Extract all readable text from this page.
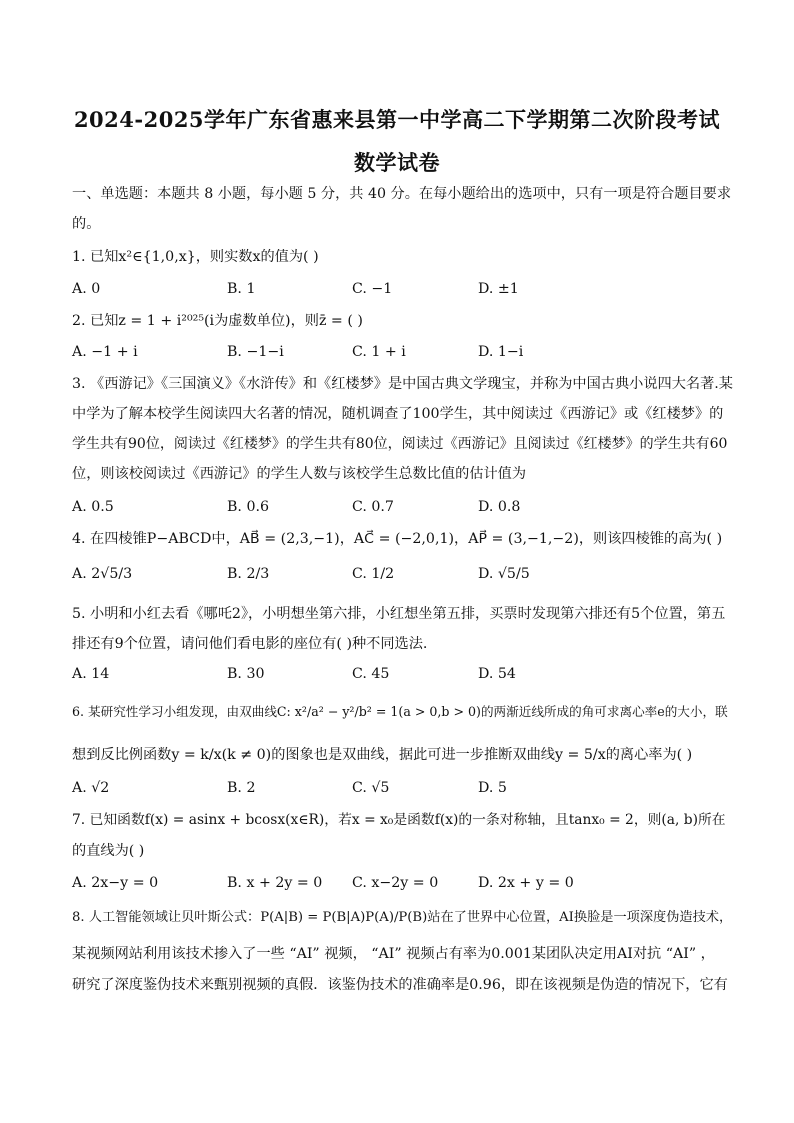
2024-2025学年广东省惠来县第一中学高二下学期第二次阶段考试
数学试卷
一、单选题：本题共 8 小题，每小题 5 分，共 40 分。在每小题给出的选项中，只有一项是符合题目要求
的。
1. 已知x²∈{1,0,x}，则实数x的值为( )
A. 0	B. 1	C. −1	D. ±1
2. 已知z = 1 + i²⁰²⁵(i为虚数单位)，则z̄ = ( )
A. −1 + i	B. −1−i	C. 1 + i	D. 1−i
3. 《西游记》《三国演义》《水浒传》和《红楼梦》是中国古典文学瑰宝，并称为中国古典小说四大名著.某
中学为了解本校学生阅读四大名著的情况，随机调查了100学生，其中阅读过《西游记》或《红楼梦》的
学生共有90位，阅读过《红楼梦》的学生共有80位，阅读过《西游记》且阅读过《红楼梦》的学生共有60
位，则该校阅读过《西游记》的学生人数与该校学生总数比值的估计值为
A. 0.5	B. 0.6	C. 0.7	D. 0.8
4. 在四棱锥P−ABCD中，AB⃗ = (2,3,−1)，AC⃗ = (−2,0,1)，AP⃗ = (3,−1,−2)，则该四棱锥的高为( )
A. 2√5/3	B. 2/3	C. 1/2	D. √5/5
5. 小明和小红去看《哪吒2》，小明想坐第六排，小红想坐第五排，买票时发现第六排还有5个位置，第五
排还有9个位置，请问他们看电影的座位有( )种不同选法.
A. 14	B. 30	C. 45	D. 54
6. 某研究性学习小组发现，由双曲线C: x²/a² − y²/b² = 1(a > 0,b > 0)的两渐近线所成的角可求离心率e的大小，联
想到反比例函数y = k/x(k ≠ 0)的图象也是双曲线，据此可进一步推断双曲线y = 5/x的离心率为( )
A. √2	B. 2	C. √5	D. 5
7. 已知函数f(x) = asinx + bcosx(x∈R)，若x = x₀是函数f(x)的一条对称轴，且tanx₀ = 2，则(a, b)所在
的直线为( )
A. 2x−y = 0	B. x + 2y = 0 C. x−2y = 0	D. 2x + y = 0
8. 人工智能领域让贝叶斯公式：P(A|B) = P(B|A)P(A)/P(B)站在了世界中心位置，AI换脸是一项深度伪造技术，
某视频网站利用该技术掺入了一些 “AI” 视频， “AI” 视频占有率为0.001某团队决定用AI对抗 “AI” ，
研究了深度鉴伪技术来甄别视频的真假．该鉴伪技术的准确率是0.96，即在该视频是伪造的情况下，它有
